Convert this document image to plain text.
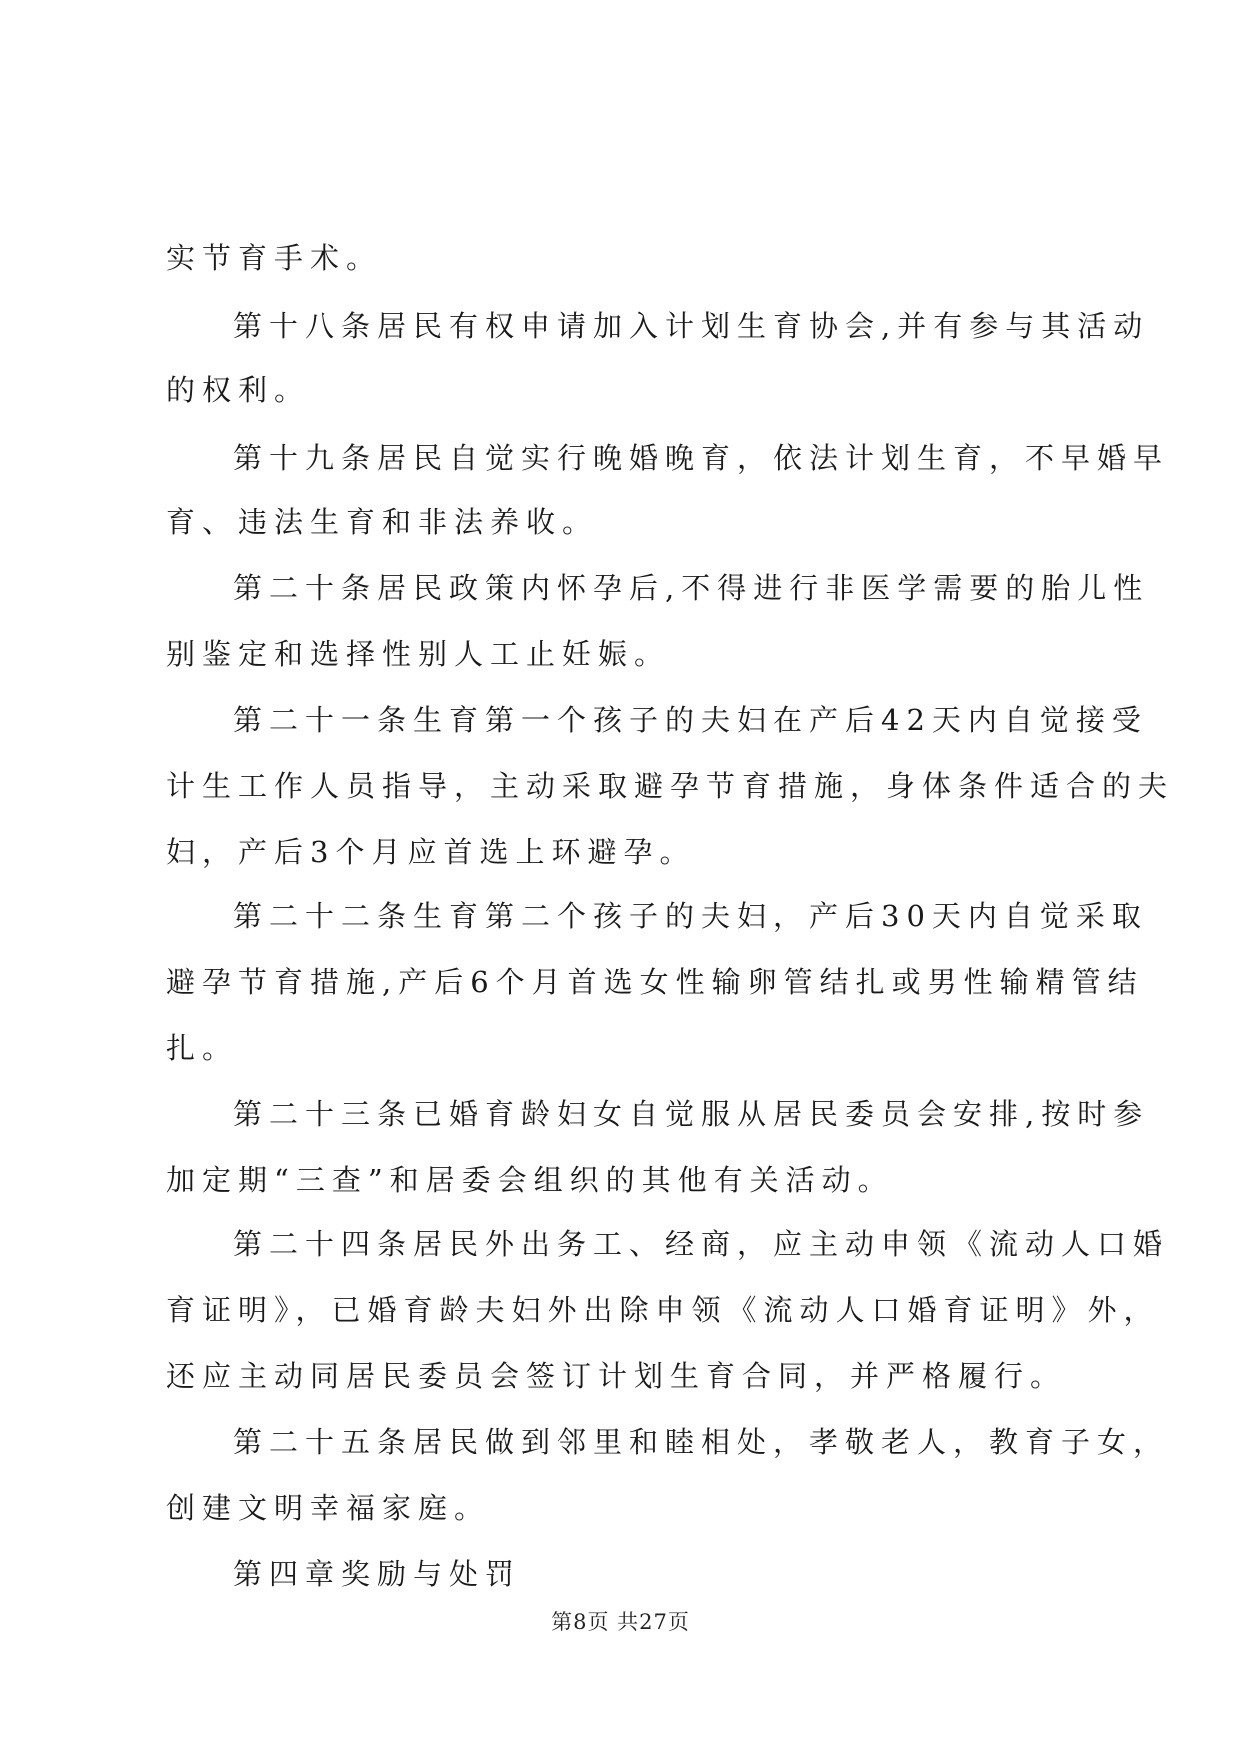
实节育手术。

第十八条居民有权申请加入计划生育协会,并有参与其活动

的权利。

第十九条居民自觉实行晚婚晚育，依法计划生育，不早婚早

育、违法生育和非法养收。

第二十条居民政策内怀孕后,不得进行非医学需要的胎儿性

别鉴定和选择性别人工止妊娠。

第二十一条生育第一个孩子的夫妇在产后42天内自觉接受

计生工作人员指导，主动采取避孕节育措施，身体条件适合的夫

妇，产后3个月应首选上环避孕。

第二十二条生育第二个孩子的夫妇，产后30天内自觉采取

避孕节育措施,产后6个月首选女性输卵管结扎或男性输精管结

扎。

第二十三条已婚育龄妇女自觉服从居民委员会安排,按时参

加定期“三查”和居委会组织的其他有关活动。

第二十四条居民外出务工、经商，应主动申领《流动人口婚

育证明》，已婚育龄夫妇外出除申领《流动人口婚育证明》外，

还应主动同居民委员会签订计划生育合同，并严格履行。

第二十五条居民做到邻里和睦相处，孝敬老人，教育子女，

创建文明幸福家庭。

第四章奖励与处罚

第8页 共27页
